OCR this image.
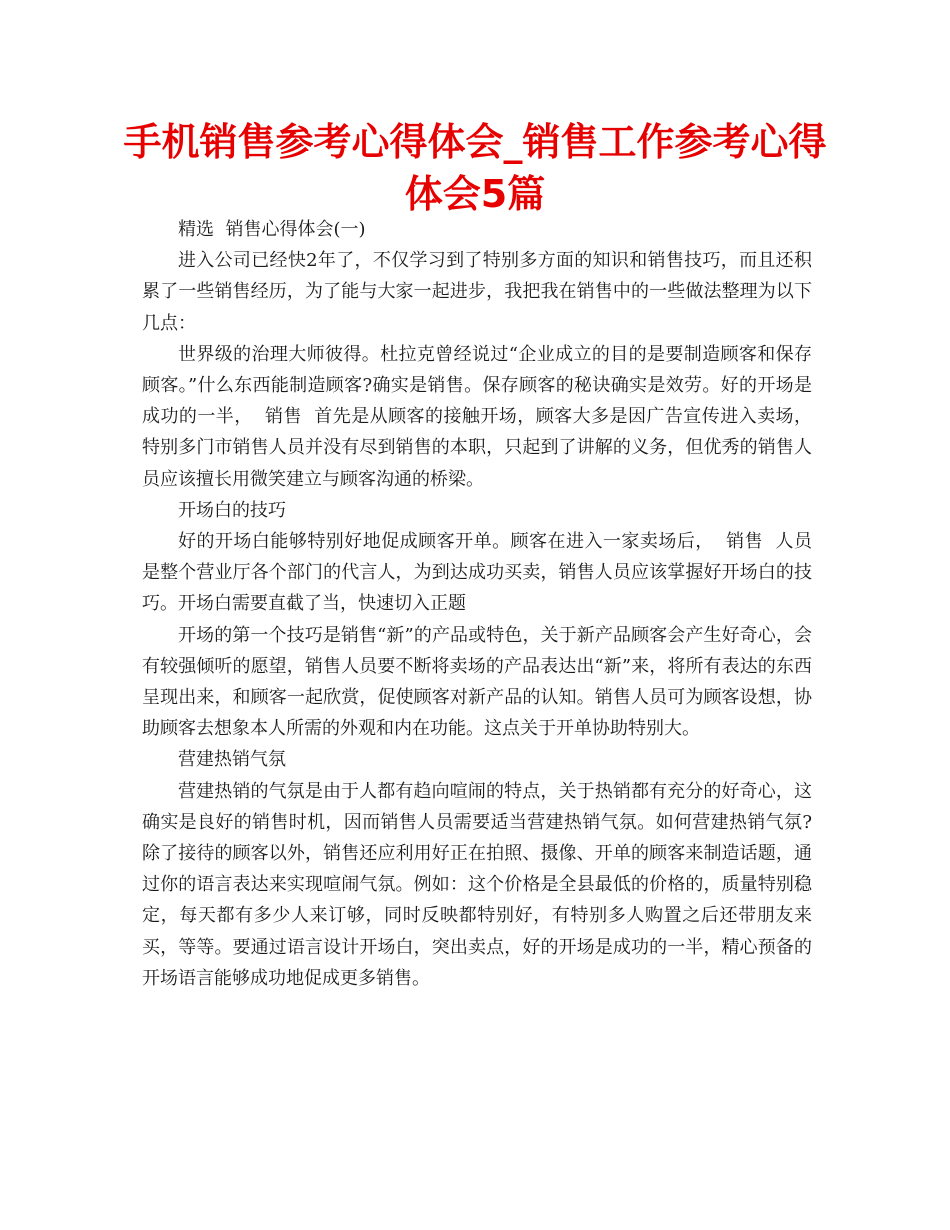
手机销售参考心得体会_销售工作参考心得体会5篇

精选  销售心得体会(一)

进入公司已经快2年了，不仅学习到了特别多方面的知识和销售技巧，而且还积累了一些销售经历，为了能与大家一起进步，我把我在销售中的一些做法整理为以下几点：

世界级的治理大师彼得。杜拉克曾经说过“企业成立的目的是要制造顾客和保存顾客。”什么东西能制造顾客?确实是销售。保存顾客的秘诀确实是效劳。好的开场是成功的一半，  销售  首先是从顾客的接触开场，顾客大多是因广告宣传进入卖场，特别多门市销售人员并没有尽到销售的本职，只起到了讲解的义务，但优秀的销售人员应该擅长用微笑建立与顾客沟通的桥梁。

开场白的技巧

好的开场白能够特别好地促成顾客开单。顾客在进入一家卖场后，  销售  人员是整个营业厅各个部门的代言人，为到达成功买卖，销售人员应该掌握好开场白的技巧。开场白需要直截了当，快速切入正题

开场的第一个技巧是销售“新”的产品或特色，关于新产品顾客会产生好奇心，会有较强倾听的愿望，销售人员要不断将卖场的产品表达出“新”来，将所有表达的东西呈现出来，和顾客一起欣赏，促使顾客对新产品的认知。销售人员可为顾客设想，协助顾客去想象本人所需的外观和内在功能。这点关于开单协助特别大。

营建热销气氛

营建热销的气氛是由于人都有趋向喧闹的特点，关于热销都有充分的好奇心，这确实是良好的销售时机，因而销售人员需要适当营建热销气氛。如何营建热销气氛?除了接待的顾客以外，销售还应利用好正在拍照、摄像、开单的顾客来制造话题，通过你的语言表达来实现喧闹气氛。例如：这个价格是全县最低的价格的，质量特别稳定，每天都有多少人来订够，同时反映都特别好，有特别多人购置之后还带朋友来买，等等。要通过语言设计开场白，突出卖点，好的开场是成功的一半，精心预备的开场语言能够成功地促成更多销售。
